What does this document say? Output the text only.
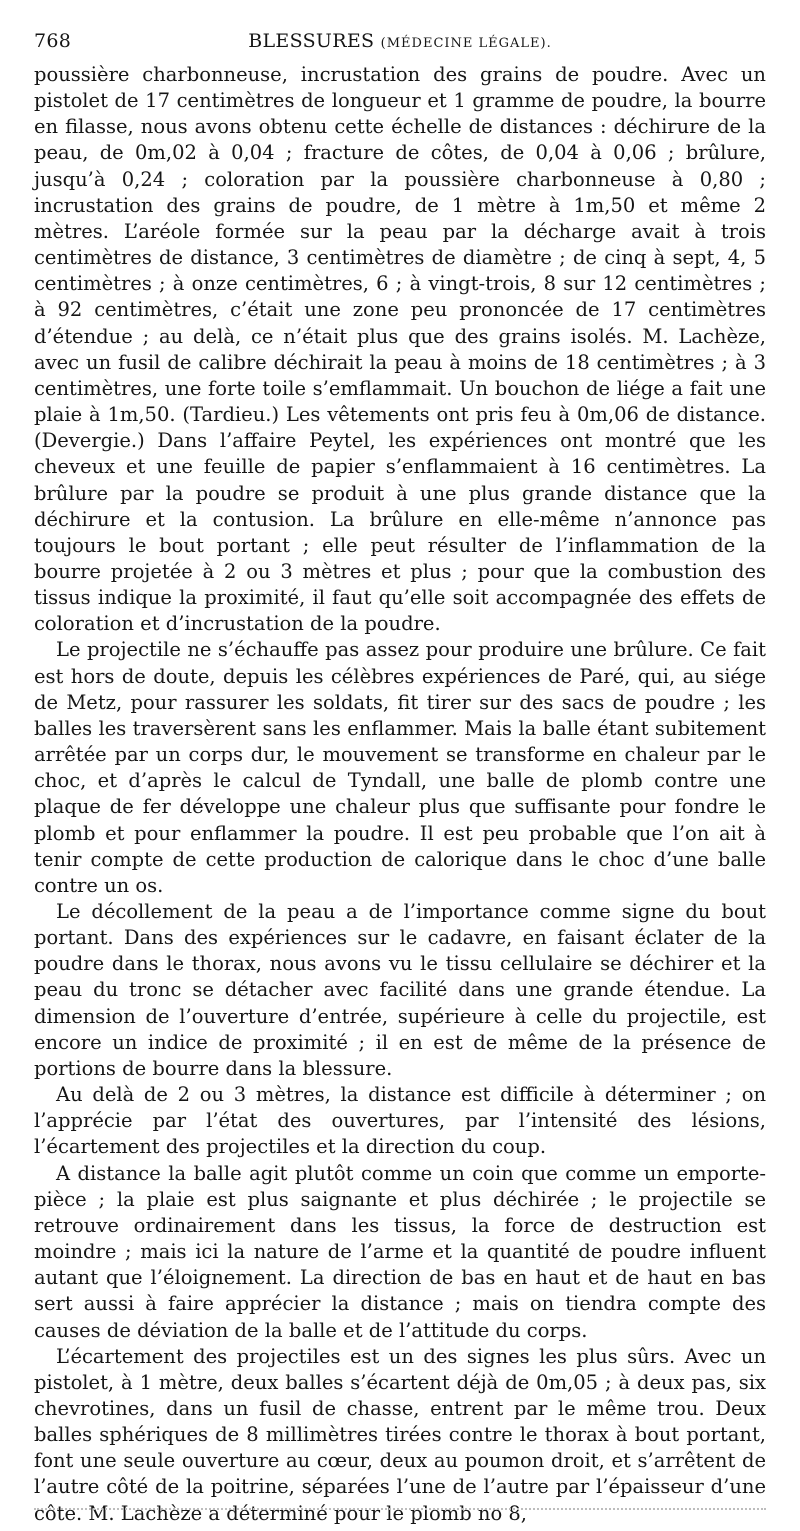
768	BLESSURES (MÉDECINE LÉGALE).

poussière charbonneuse, incrustation des grains de poudre. Avec un pistolet de 17 centimètres de longueur et 1 gramme de poudre, la bourre en filasse, nous avons obtenu cette échelle de distances : déchirure de la peau, de 0m,02 à 0,04 ; fracture de côtes, de 0,04 à 0,06 ; brûlure, jusqu’à 0,24 ; coloration par la poussière charbonneuse à 0,80 ; incrustation des grains de poudre, de 1 mètre à 1m,50 et même 2 mètres. L’aréole formée sur la peau par la décharge avait à trois centimètres de distance, 3 centimètres de diamètre ; de cinq à sept, 4, 5 centimètres ; à onze centimètres, 6 ; à vingt-trois, 8 sur 12 centimètres ; à 92 centimètres, c’était une zone peu prononcée de 17 centimètres d’étendue ; au delà, ce n’était plus que des grains isolés. M. Lachèze, avec un fusil de calibre déchirait la peau à moins de 18 centimètres ; à 3 centimètres, une forte toile s’emflammait. Un bouchon de liége a fait une plaie à 1m,50. (Tardieu.) Les vêtements ont pris feu à 0m,06 de distance. (Devergie.) Dans l’affaire Peytel, les expériences ont montré que les cheveux et une feuille de papier s’enflammaient à 16 centimètres. La brûlure par la poudre se produit à une plus grande distance que la déchirure et la contusion. La brûlure en elle-même n’annonce pas toujours le bout portant ; elle peut résulter de l’inflammation de la bourre projetée à 2 ou 3 mètres et plus ; pour que la combustion des tissus indique la proximité, il faut qu’elle soit accompagnée des effets de coloration et d’incrustation de la poudre.

Le projectile ne s’échauffe pas assez pour produire une brûlure. Ce fait est hors de doute, depuis les célèbres expériences de Paré, qui, au siége de Metz, pour rassurer les soldats, fit tirer sur des sacs de poudre ; les balles les traversèrent sans les enflammer. Mais la balle étant subitement arrêtée par un corps dur, le mouvement se transforme en chaleur par le choc, et d’après le calcul de Tyndall, une balle de plomb contre une plaque de fer développe une chaleur plus que suffisante pour fondre le plomb et pour enflammer la poudre. Il est peu probable que l’on ait à tenir compte de cette production de calorique dans le choc d’une balle contre un os.

Le décollement de la peau a de l’importance comme signe du bout portant. Dans des expériences sur le cadavre, en faisant éclater de la poudre dans le thorax, nous avons vu le tissu cellulaire se déchirer et la peau du tronc se détacher avec facilité dans une grande étendue. La dimension de l’ouverture d’entrée, supérieure à celle du projectile, est encore un indice de proximité ; il en est de même de la présence de portions de bourre dans la blessure.

Au delà de 2 ou 3 mètres, la distance est difficile à déterminer ; on l’apprécie par l’état des ouvertures, par l’intensité des lésions, l’écartement des projectiles et la direction du coup.

A distance la balle agit plutôt comme un coin que comme un emporte-pièce ; la plaie est plus saignante et plus déchirée ; le projectile se retrouve ordinairement dans les tissus, la force de destruction est moindre ; mais ici la nature de l’arme et la quantité de poudre influent autant que l’éloignement. La direction de bas en haut et de haut en bas sert aussi à faire apprécier la distance ; mais on tiendra compte des causes de déviation de la balle et de l’attitude du corps.

L’écartement des projectiles est un des signes les plus sûrs. Avec un pistolet, à 1 mètre, deux balles s’écartent déjà de 0m,05 ; à deux pas, six chevrotines, dans un fusil de chasse, entrent par le même trou. Deux balles sphériques de 8 millimètres tirées contre le thorax à bout portant, font une seule ouverture au cœur, deux au poumon droit, et s’arrêtent de l’autre côté de la poitrine, séparées l’une de l’autre par l’épaisseur d’une côte. M. Lachèze a déterminé pour le plomb no 8,
